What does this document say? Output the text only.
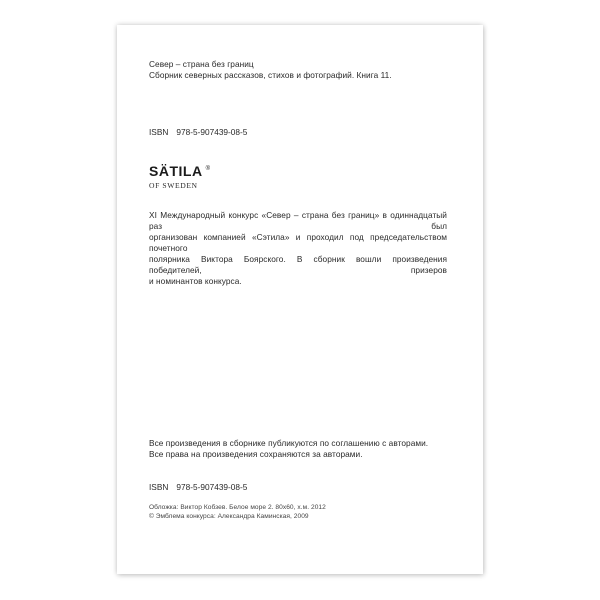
Север – страна без границ
Сборник северных рассказов, стихов и фотографий. Книга 11.
ISBN 978-5-907439-08-5
SÄTILA ®
OF SWEDEN
XI Международный конкурс «Север – страна без границ» в одиннадцатый раз был
организован компанией «Сэтила» и проходил под председательством почетного
полярника Виктора Боярского. В сборник вошли произведения победителей, призеров
и номинантов конкурса.
Все произведения в сборнике публикуются по соглашению с авторами.
Все права на произведения сохраняются за авторами.
ISBN 978-5-907439-08-5
Обложка: Виктор Кобзев. Белое море 2. 80х60, х.м. 2012
© Эмблема конкурса: Александра Каминская, 2009
